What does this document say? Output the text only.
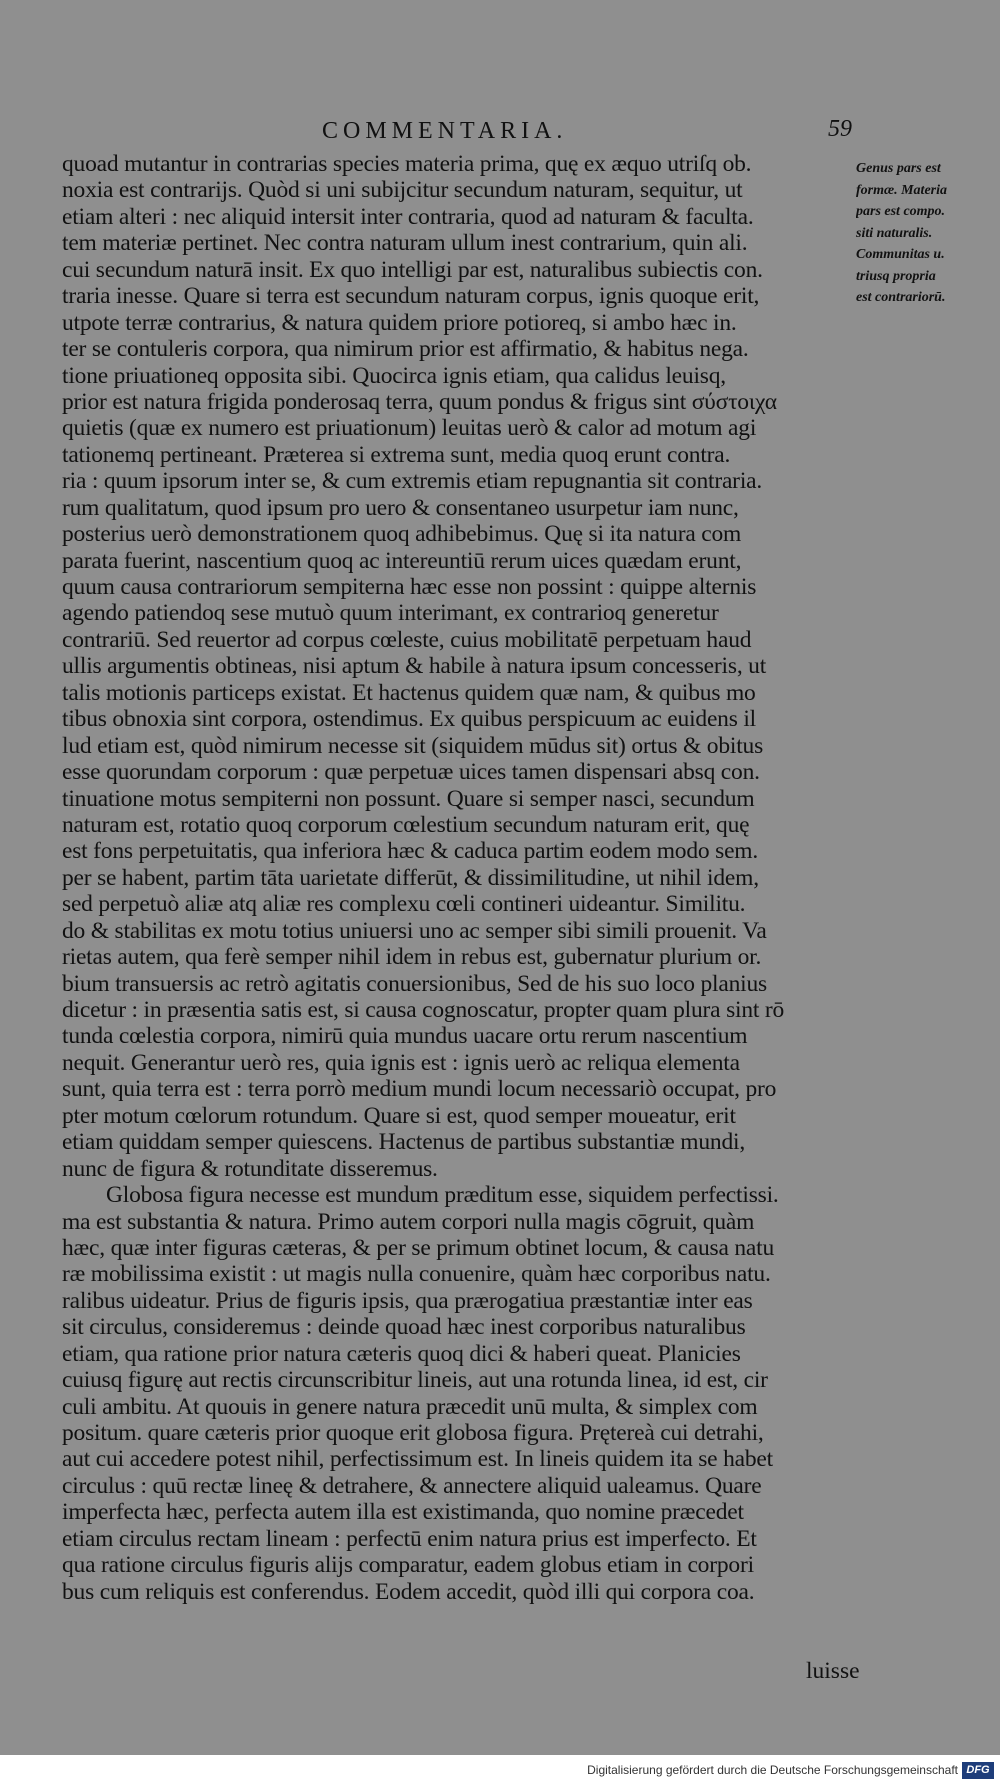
COMMENTARIA.	59
quoad mutantur in contrarias species materia prima, quę ex æquo utriſq ob.
noxia est contrarijs. Quòd si uni subijcitur secundum naturam, sequitur, ut
etiam alteri : nec aliquid intersit inter contraria, quod ad naturam & faculta.
tem materiæ pertinet. Nec contra naturam ullum inest contrarium, quin ali.
cui secundum naturā insit. Ex quo intelligi par est, naturalibus subiectis con.
traria inesse. Quare si terra est secundum naturam corpus, ignis quoque erit,
utpote terræ contrarius, & natura quidem priore potioreq, si ambo hæc in.
ter se contuleris corpora, qua nimirum prior est affirmatio, & habitus nega.
tione priuationeq opposita sibi. Quocirca ignis etiam, qua calidus leuisq,
prior est natura frigida ponderosaq terra, quum pondus & frigus sint σύστοιχα
quietis (quæ ex numero est priuationum) leuitas uerò & calor ad motum agi
tationemq pertineant. Præterea si extrema sunt, media quoq erunt contra.
ria : quum ipsorum inter se, & cum extremis etiam repugnantia sit contraria.
rum qualitatum, quod ipsum pro uero & consentaneo usurpetur iam nunc,
posterius uerò demonstrationem quoq adhibebimus. Quę si ita natura com
parata fuerint, nascentium quoq ac intereuntiū rerum uices quædam erunt,
quum causa contrariorum sempiterna hæc esse non possint : quippe alternis
agendo patiendoq sese mutuò quum interimant, ex contrarioq generetur
contrariū. Sed reuertor ad corpus cœleste, cuius mobilitatē perpetuam haud
ullis argumentis obtineas, nisi aptum & habile à natura ipsum concesseris, ut
talis motionis particeps existat. Et hactenus quidem quæ nam, & quibus mo
tibus obnoxia sint corpora, ostendimus. Ex quibus perspicuum ac euidens il
lud etiam est, quòd nimirum necesse sit (siquidem mūdus sit) ortus & obitus
esse quorundam corporum : quæ perpetuæ uices tamen dispensari absq con.
tinuatione motus sempiterni non possunt. Quare si semper nasci, secundum
naturam est, rotatio quoq corporum cœlestium secundum naturam erit, quę
est fons perpetuitatis, qua inferiora hæc & caduca partim eodem modo sem.
per se habent, partim tāta uarietate differūt, & dissimilitudine, ut nihil idem,
sed perpetuò aliæ atq aliæ res complexu cœli contineri uideantur. Similitu.
do & stabilitas ex motu totius uniuersi uno ac semper sibi simili prouenit. Va
rietas autem, qua ferè semper nihil idem in rebus est, gubernatur plurium or.
bium transuersis ac retrò agitatis conuersionibus, Sed de his suo loco planius
dicetur : in præsentia satis est, si causa cognoscatur, propter quam plura sint rō
tunda cœlestia corpora, nimirū quia mundus uacare ortu rerum nascentium
nequit. Generantur uerò res, quia ignis est : ignis uerò ac reliqua elementa
sunt, quia terra est : terra porrò medium mundi locum necessariò occupat, pro
pter motum cœlorum rotundum. Quare si est, quod semper moueatur, erit
etiam quiddam semper quiescens. Hactenus de partibus substantiæ mundi,
nunc de figura & rotunditate disseremus.
Globosa figura necesse est mundum præditum esse, siquidem perfectissi.
ma est substantia & natura. Primo autem corpori nulla magis cōgruit, quàm
hæc, quæ inter figuras cæteras, & per se primum obtinet locum, & causa natu
ræ mobilissima existit : ut magis nulla conuenire, quàm hæc corporibus natu.
ralibus uideatur. Prius de figuris ipsis, qua prærogatiua præstantiæ inter eas
sit circulus, consideremus : deinde quoad hæc inest corporibus naturalibus
etiam, qua ratione prior natura cæteris quoq dici & haberi queat. Planicies
cuiusq figurę aut rectis circunscribitur lineis, aut una rotunda linea, id est, cir
culi ambitu. At quouis in genere natura præcedit unū multa, & simplex com
positum. quare cæteris prior quoque erit globosa figura. Prętereà cui detrahi,
aut cui accedere potest nihil, perfectissimum est. In lineis quidem ita se habet
circulus : quū rectæ lineę & detrahere, & annectere aliquid ualeamus. Quare
imperfecta hæc, perfecta autem illa est existimanda, quo nomine præcedet
etiam circulus rectam lineam : perfectū enim natura prius est imperfecto. Et
qua ratione circulus figuris alijs comparatur, eadem globus etiam in corpori
bus cum reliquis est conferendus. Eodem accedit, quòd illi qui corpora coa.
Genus pars est
formæ. Materia
pars est compo.
siti naturalis.
Communitas u.
triusq propria
est contrariorū.
luisse
Digitalisierung gefördert durch die Deutsche Forschungsgemeinschaft DFG
